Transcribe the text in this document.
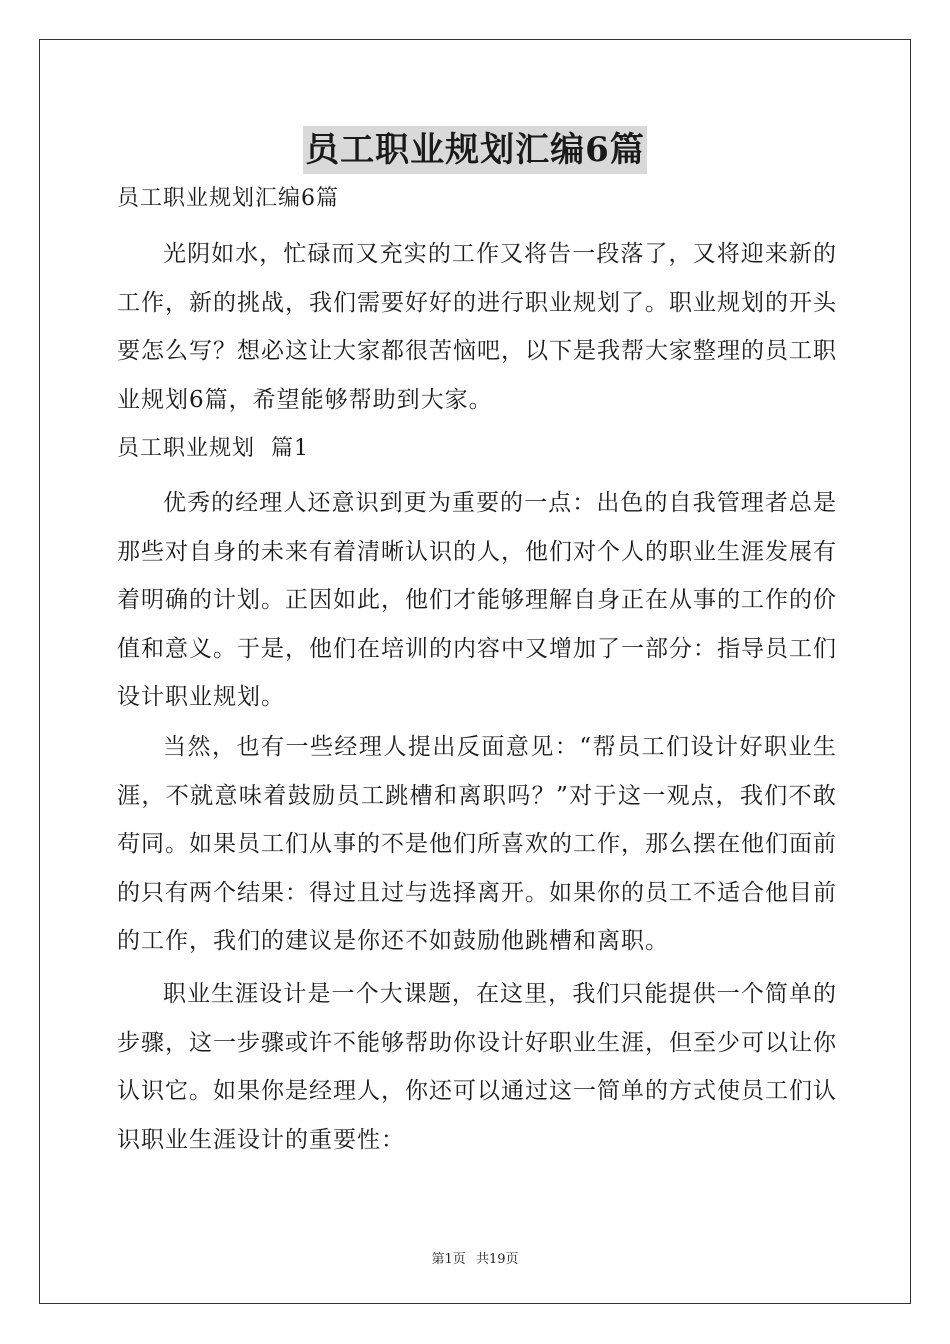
员工职业规划汇编6篇
员工职业规划汇编6篇
光阴如水，忙碌而又充实的工作又将告一段落了，又将迎来新的工作，新的挑战，我们需要好好的进行职业规划了。职业规划的开头要怎么写？想必这让大家都很苦恼吧，以下是我帮大家整理的员工职业规划6篇，希望能够帮助到大家。
员工职业规划  篇1
优秀的经理人还意识到更为重要的一点：出色的自我管理者总是那些对自身的未来有着清晰认识的人，他们对个人的职业生涯发展有着明确的计划。正因如此，他们才能够理解自身正在从事的工作的价值和意义。于是，他们在培训的内容中又增加了一部分：指导员工们设计职业规划。
当然，也有一些经理人提出反面意见：“帮员工们设计好职业生涯，不就意味着鼓励员工跳槽和离职吗？”对于这一观点，我们不敢苟同。如果员工们从事的不是他们所喜欢的工作，那么摆在他们面前的只有两个结果：得过且过与选择离开。如果你的员工不适合他目前的工作，我们的建议是你还不如鼓励他跳槽和离职。
职业生涯设计是一个大课题，在这里，我们只能提供一个简单的步骤，这一步骤或许不能够帮助你设计好职业生涯，但至少可以让你认识它。如果你是经理人，你还可以通过这一简单的方式使员工们认识职业生涯设计的重要性：
第1页 共19页
